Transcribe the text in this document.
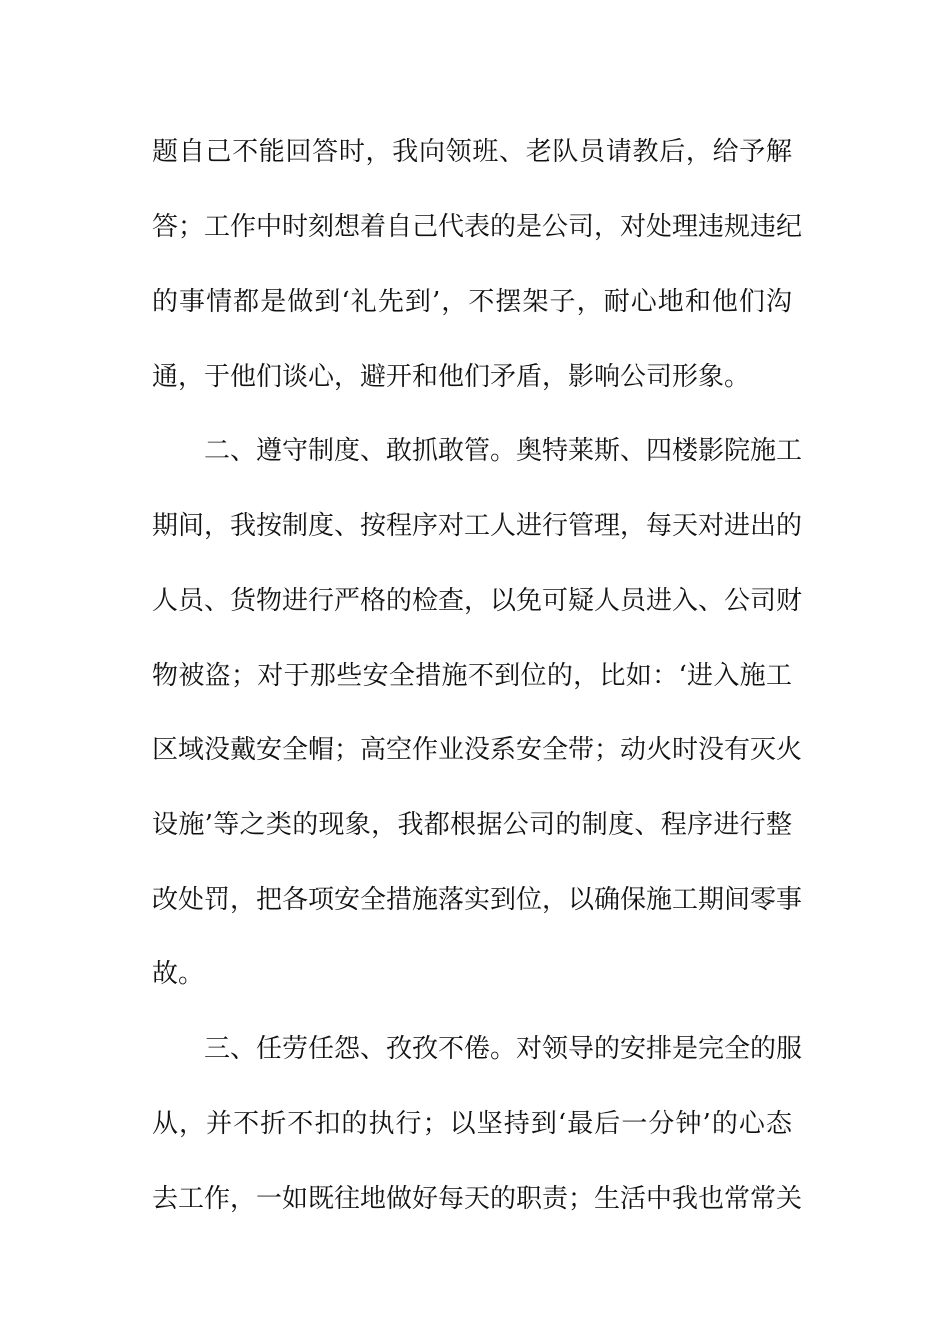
题自己不能回答时，我向领班、老队员请教后，给予解
答；工作中时刻想着自己代表的是公司，对处理违规违纪
的事情都是做到‘礼先到’，不摆架子，耐心地和他们沟
通，于他们谈心，避开和他们矛盾，影响公司形象。
二、遵守制度、敢抓敢管。奥特莱斯、四楼影院施工
期间，我按制度、按程序对工人进行管理，每天对进出的
人员、货物进行严格的检查，以免可疑人员进入、公司财
物被盗；对于那些安全措施不到位的，比如：‘进入施工
区域没戴安全帽；高空作业没系安全带；动火时没有灭火
设施’等之类的现象，我都根据公司的制度、程序进行整
改处罚，把各项安全措施落实到位，以确保施工期间零事
故。
三、任劳任怨、孜孜不倦。对领导的安排是完全的服
从，并不折不扣的执行；以坚持到‘最后一分钟’的心态
去工作，一如既往地做好每天的职责；生活中我也常常关
